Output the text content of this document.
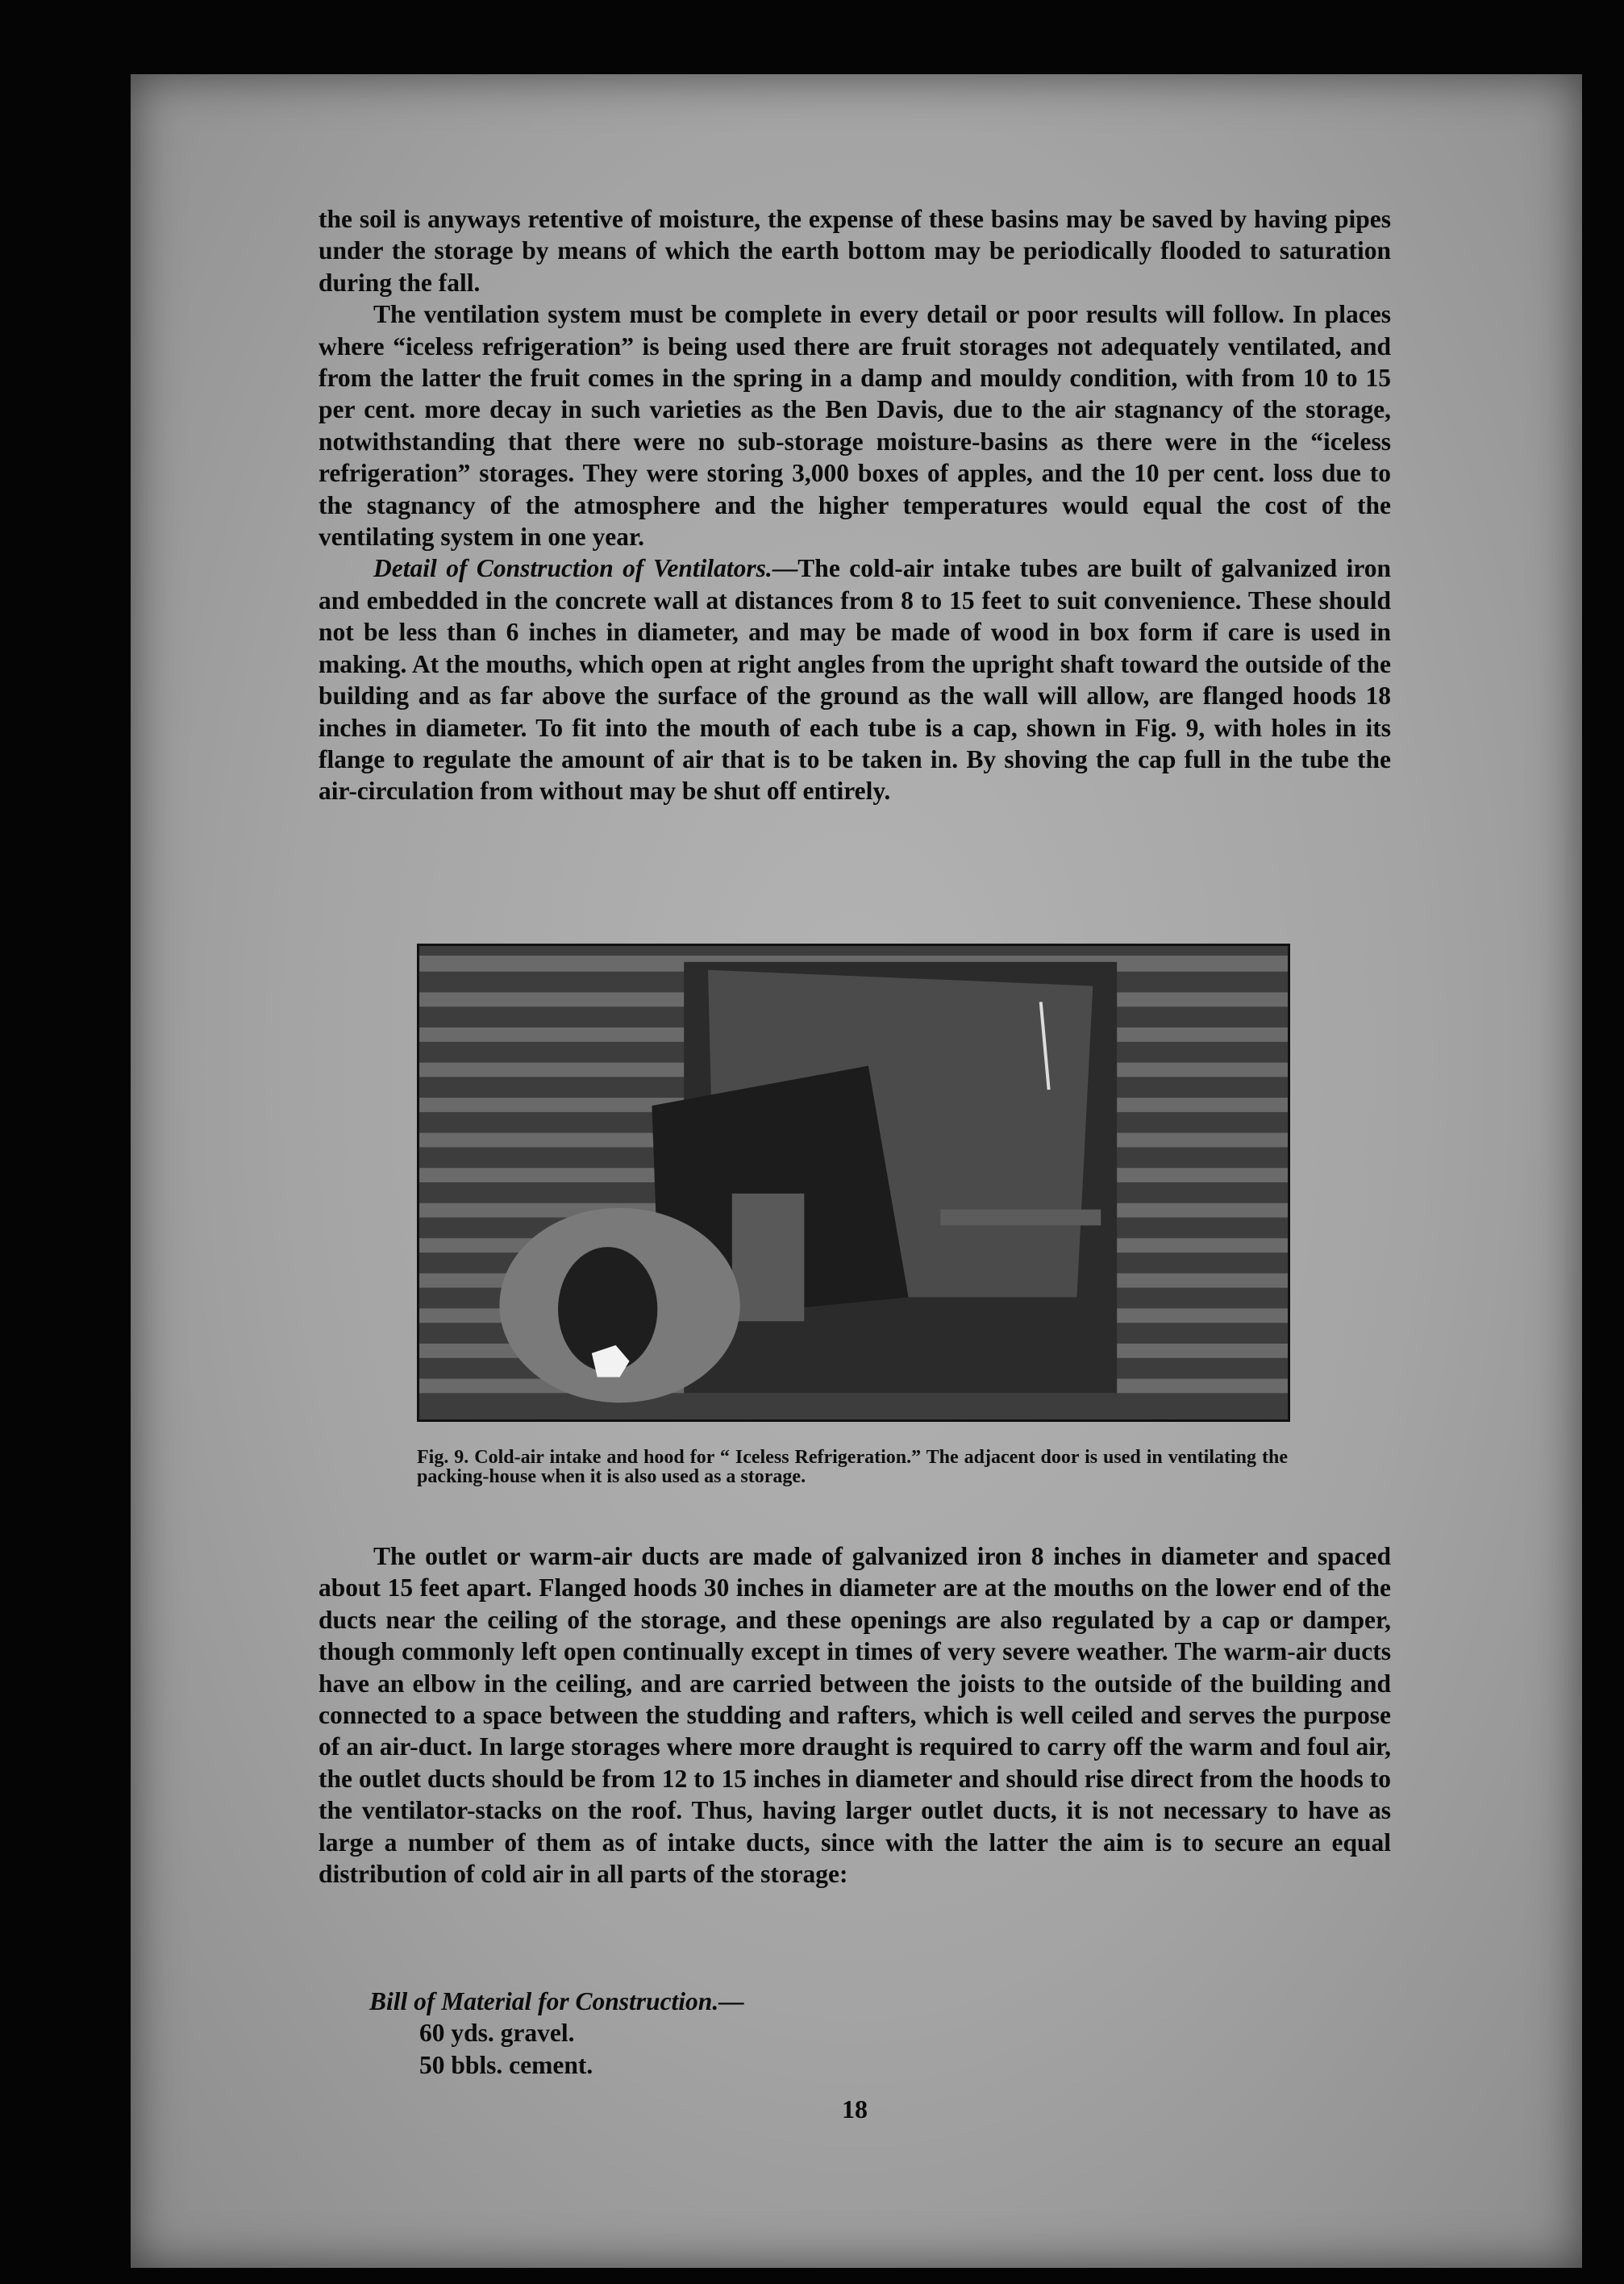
the soil is anyways retentive of moisture, the expense of these basins may be saved by having pipes under the storage by means of which the earth bottom may be periodically flooded to saturation during the fall.

The ventilation system must be complete in every detail or poor results will follow. In places where “iceless refrigeration” is being used there are fruit storages not adequately ventilated, and from the latter the fruit comes in the spring in a damp and mouldy condition, with from 10 to 15 per cent. more decay in such varieties as the Ben Davis, due to the air stagnancy of the storage, notwithstanding that there were no sub-storage moisture-basins as there were in the “iceless refrigeration” storages. They were storing 3,000 boxes of apples, and the 10 per cent. loss due to the stagnancy of the atmosphere and the higher temperatures would equal the cost of the ventilating system in one year.

Detail of Construction of Ventilators.—The cold-air intake tubes are built of galvanized iron and embedded in the concrete wall at distances from 8 to 15 feet to suit convenience. These should not be less than 6 inches in diameter, and may be made of wood in box form if care is used in making. At the mouths, which open at right angles from the upright shaft toward the outside of the building and as far above the surface of the ground as the wall will allow, are flanged hoods 18 inches in diameter. To fit into the mouth of each tube is a cap, shown in Fig. 9, with holes in its flange to regulate the amount of air that is to be taken in. By shoving the cap full in the tube the air-circulation from without may be shut off entirely.

Fig. 9. Cold-air intake and hood for “ Iceless Refrigeration.” The adjacent door is used in ventilating the packing-house when it is also used as a storage.

The outlet or warm-air ducts are made of galvanized iron 8 inches in diameter and spaced about 15 feet apart. Flanged hoods 30 inches in diameter are at the mouths on the lower end of the ducts near the ceiling of the storage, and these openings are also regulated by a cap or damper, though commonly left open continually except in times of very severe weather. The warm-air ducts have an elbow in the ceiling, and are carried between the joists to the outside of the building and connected to a space between the studding and rafters, which is well ceiled and serves the purpose of an air-duct. In large storages where more draught is required to carry off the warm and foul air, the outlet ducts should be from 12 to 15 inches in diameter and should rise direct from the hoods to the ventilator-stacks on the roof. Thus, having larger outlet ducts, it is not necessary to have as large a number of them as of intake ducts, since with the latter the aim is to secure an equal distribution of cold air in all parts of the storage:

Bill of Material for Construction.—
60 yds. gravel.
50 bbls. cement.
18
